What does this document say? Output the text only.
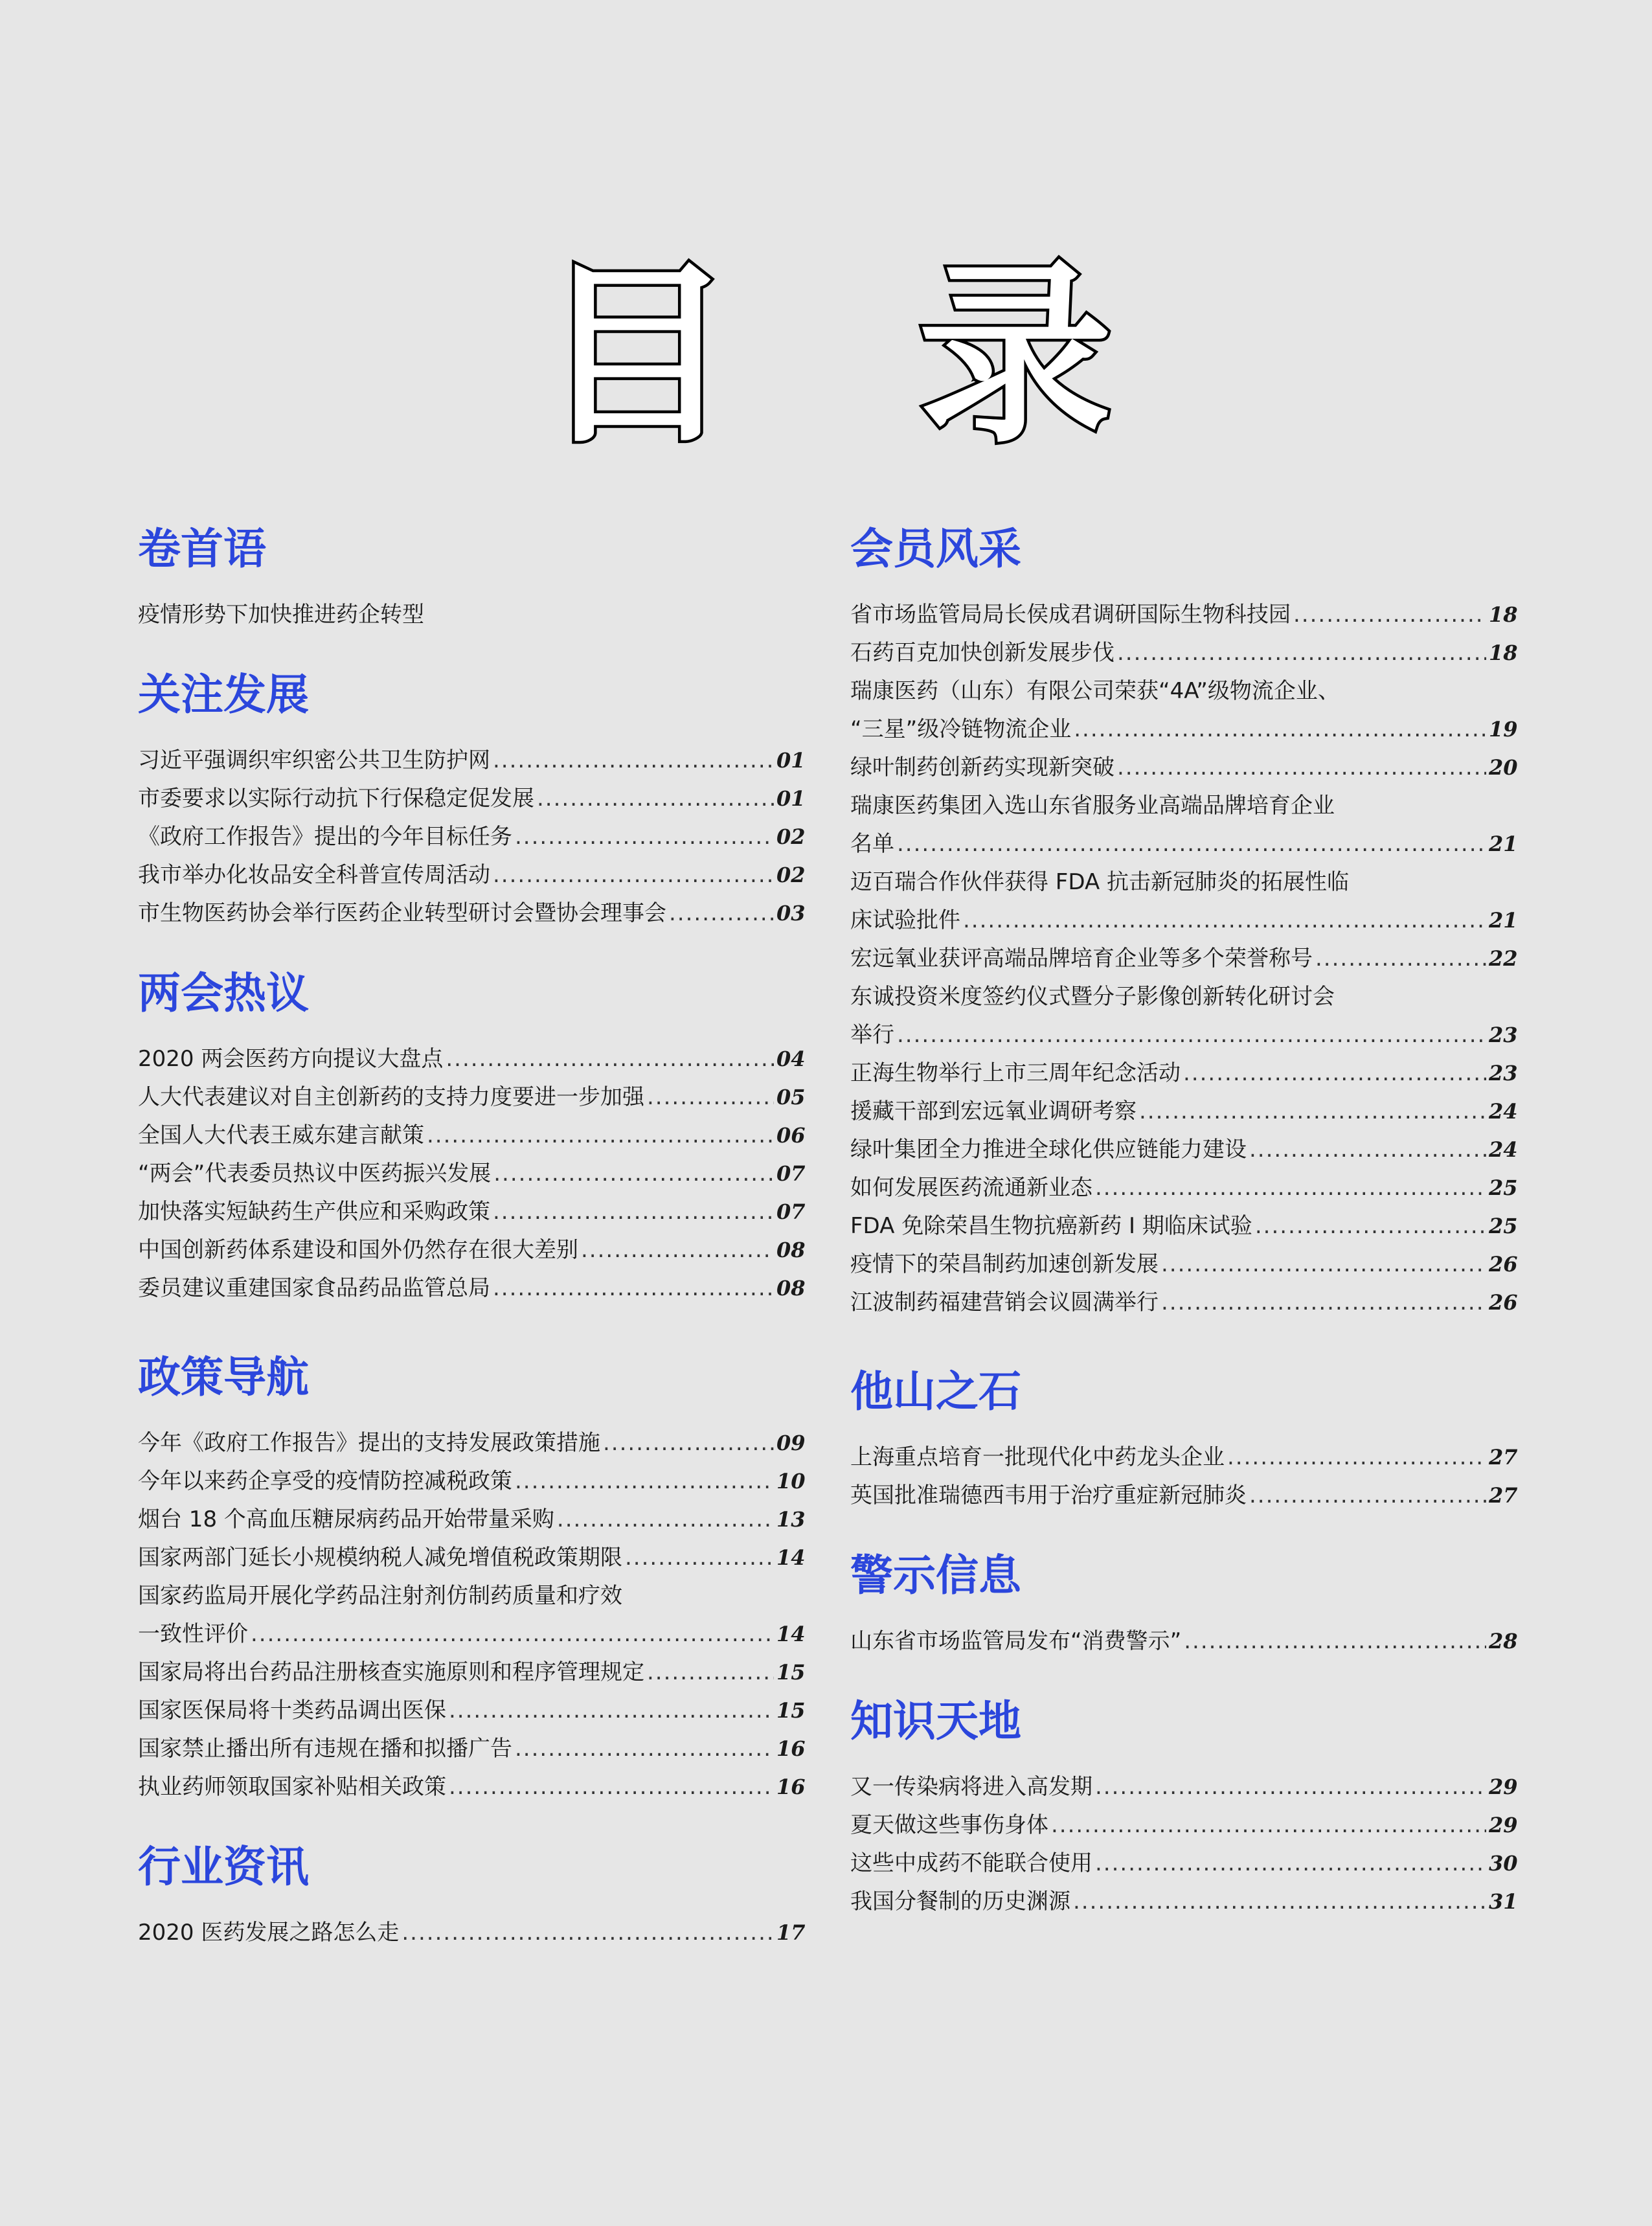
目 录
卷首语
疫情形势下加快推进药企转型
关注发展
习近平强调织牢织密公共卫生防护网 .....	01
市委要求以实际行动抗下行保稳定促发展 .....	01
《政府工作报告》提出的今年目标任务 .....	02
我市举办化妆品安全科普宣传周活动 .....	02
市生物医药协会举行医药企业转型研讨会暨协会理事会 .....	03
两会热议
2020 两会医药方向提议大盘点 .....	04
人大代表建议对自主创新药的支持力度要进一步加强 .....	05
全国人大代表王威东建言献策 .....	06
“两会”代表委员热议中医药振兴发展 .....	07
加快落实短缺药生产供应和采购政策 .....	07
中国创新药体系建设和国外仍然存在很大差别 .....	08
委员建议重建国家食品药品监管总局 .....	08
政策导航
今年《政府工作报告》提出的支持发展政策措施 .....	09
今年以来药企享受的疫情防控减税政策 .....	10
烟台 18 个高血压糖尿病药品开始带量采购 .....	13
国家两部门延长小规模纳税人减免增值税政策期限 .....	14
国家药监局开展化学药品注射剂仿制药质量和疗效
一致性评价 .....	14
国家局将出台药品注册核查实施原则和程序管理规定 .....	15
国家医保局将十类药品调出医保 .....	15
国家禁止播出所有违规在播和拟播广告 .....	16
执业药师领取国家补贴相关政策 .....	16
行业资讯
2020 医药发展之路怎么走 .....	17
会员风采
省市场监管局局长侯成君调研国际生物科技园 .....	18
石药百克加快创新发展步伐 .....	18
瑞康医药（山东）有限公司荣获“4A”级物流企业、
“三星”级冷链物流企业 .....	19
绿叶制药创新药实现新突破 .....	20
瑞康医药集团入选山东省服务业高端品牌培育企业
名单 .....	21
迈百瑞合作伙伴获得 FDA 抗击新冠肺炎的拓展性临
床试验批件 .....	21
宏远氧业获评高端品牌培育企业等多个荣誉称号 .....	22
东诚投资米度签约仪式暨分子影像创新转化研讨会
举行 .....	23
正海生物举行上市三周年纪念活动 .....	23
援藏干部到宏远氧业调研考察 .....	24
绿叶集团全力推进全球化供应链能力建设 .....	24
如何发展医药流通新业态 .....	25
FDA 免除荣昌生物抗癌新药 I 期临床试验 .....	25
疫情下的荣昌制药加速创新发展 .....	26
江波制药福建营销会议圆满举行 .....	26
他山之石
上海重点培育一批现代化中药龙头企业 .....	27
英国批准瑞德西韦用于治疗重症新冠肺炎 .....	27
警示信息
山东省市场监管局发布“消费警示” .....	28
知识天地
又一传染病将进入高发期 .....	29
夏天做这些事伤身体 .....	29
这些中成药不能联合使用 .....	30
我国分餐制的历史渊源 .....	31
